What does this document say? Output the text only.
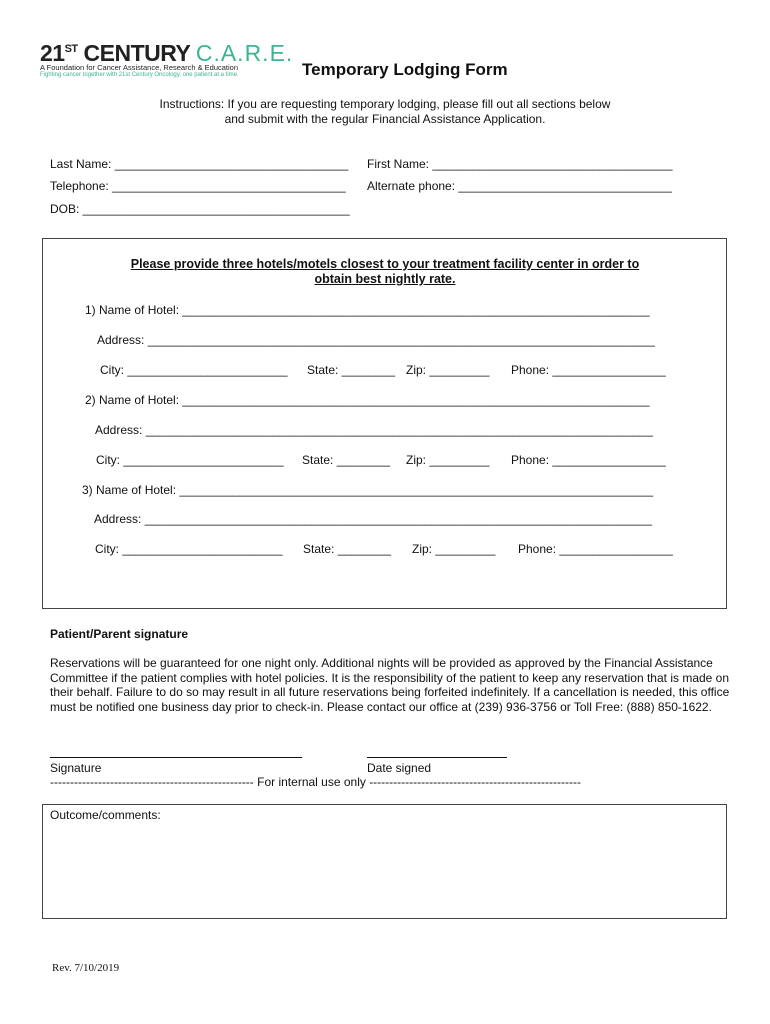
21ST CENTURY C.A.R.E.
A Foundation for Cancer Assistance, Research & Education
Fighting cancer together with 21st Century Oncology, one patient at a time.	Temporary Lodging Form
Instructions: If you are requesting temporary lodging, please fill out all sections below
and submit with the regular Financial Assistance Application.
Last Name: ___________________________________ First Name: ____________________________________
Telephone: ___________________________________ Alternate phone: ________________________________
DOB: ________________________________________
Please provide three hotels/motels closest to your treatment facility center in order to
obtain best nightly rate.
1) Name of Hotel: ______________________________________________________________________
Address: ____________________________________________________________________________
City: ________________________ State: ________ Zip: _________ Phone: _________________
2) Name of Hotel: ______________________________________________________________________
Address: ____________________________________________________________________________
City: ________________________ State: ________ Zip: _________ Phone: _________________
3) Name of Hotel: _______________________________________________________________________
Address: ____________________________________________________________________________
City: ________________________ State: ________ Zip: _________ Phone: _________________
Patient/Parent signature
Reservations will be guaranteed for one night only. Additional nights will be provided as approved by the Financial Assistance Committee if the patient complies with hotel policies. It is the responsibility of the patient to keep any reservation that is made on their behalf. Failure to do so may result in all future reservations being forfeited indefinitely. If a cancellation is needed, this office must be notified one business day prior to check-in. Please contact our office at (239) 936-3756 or Toll Free: (888) 850-1622.
Signature	Date signed
--------------------------------------------------- For internal use only -----------------------------------------------------
Outcome/comments:
Rev. 7/10/2019
